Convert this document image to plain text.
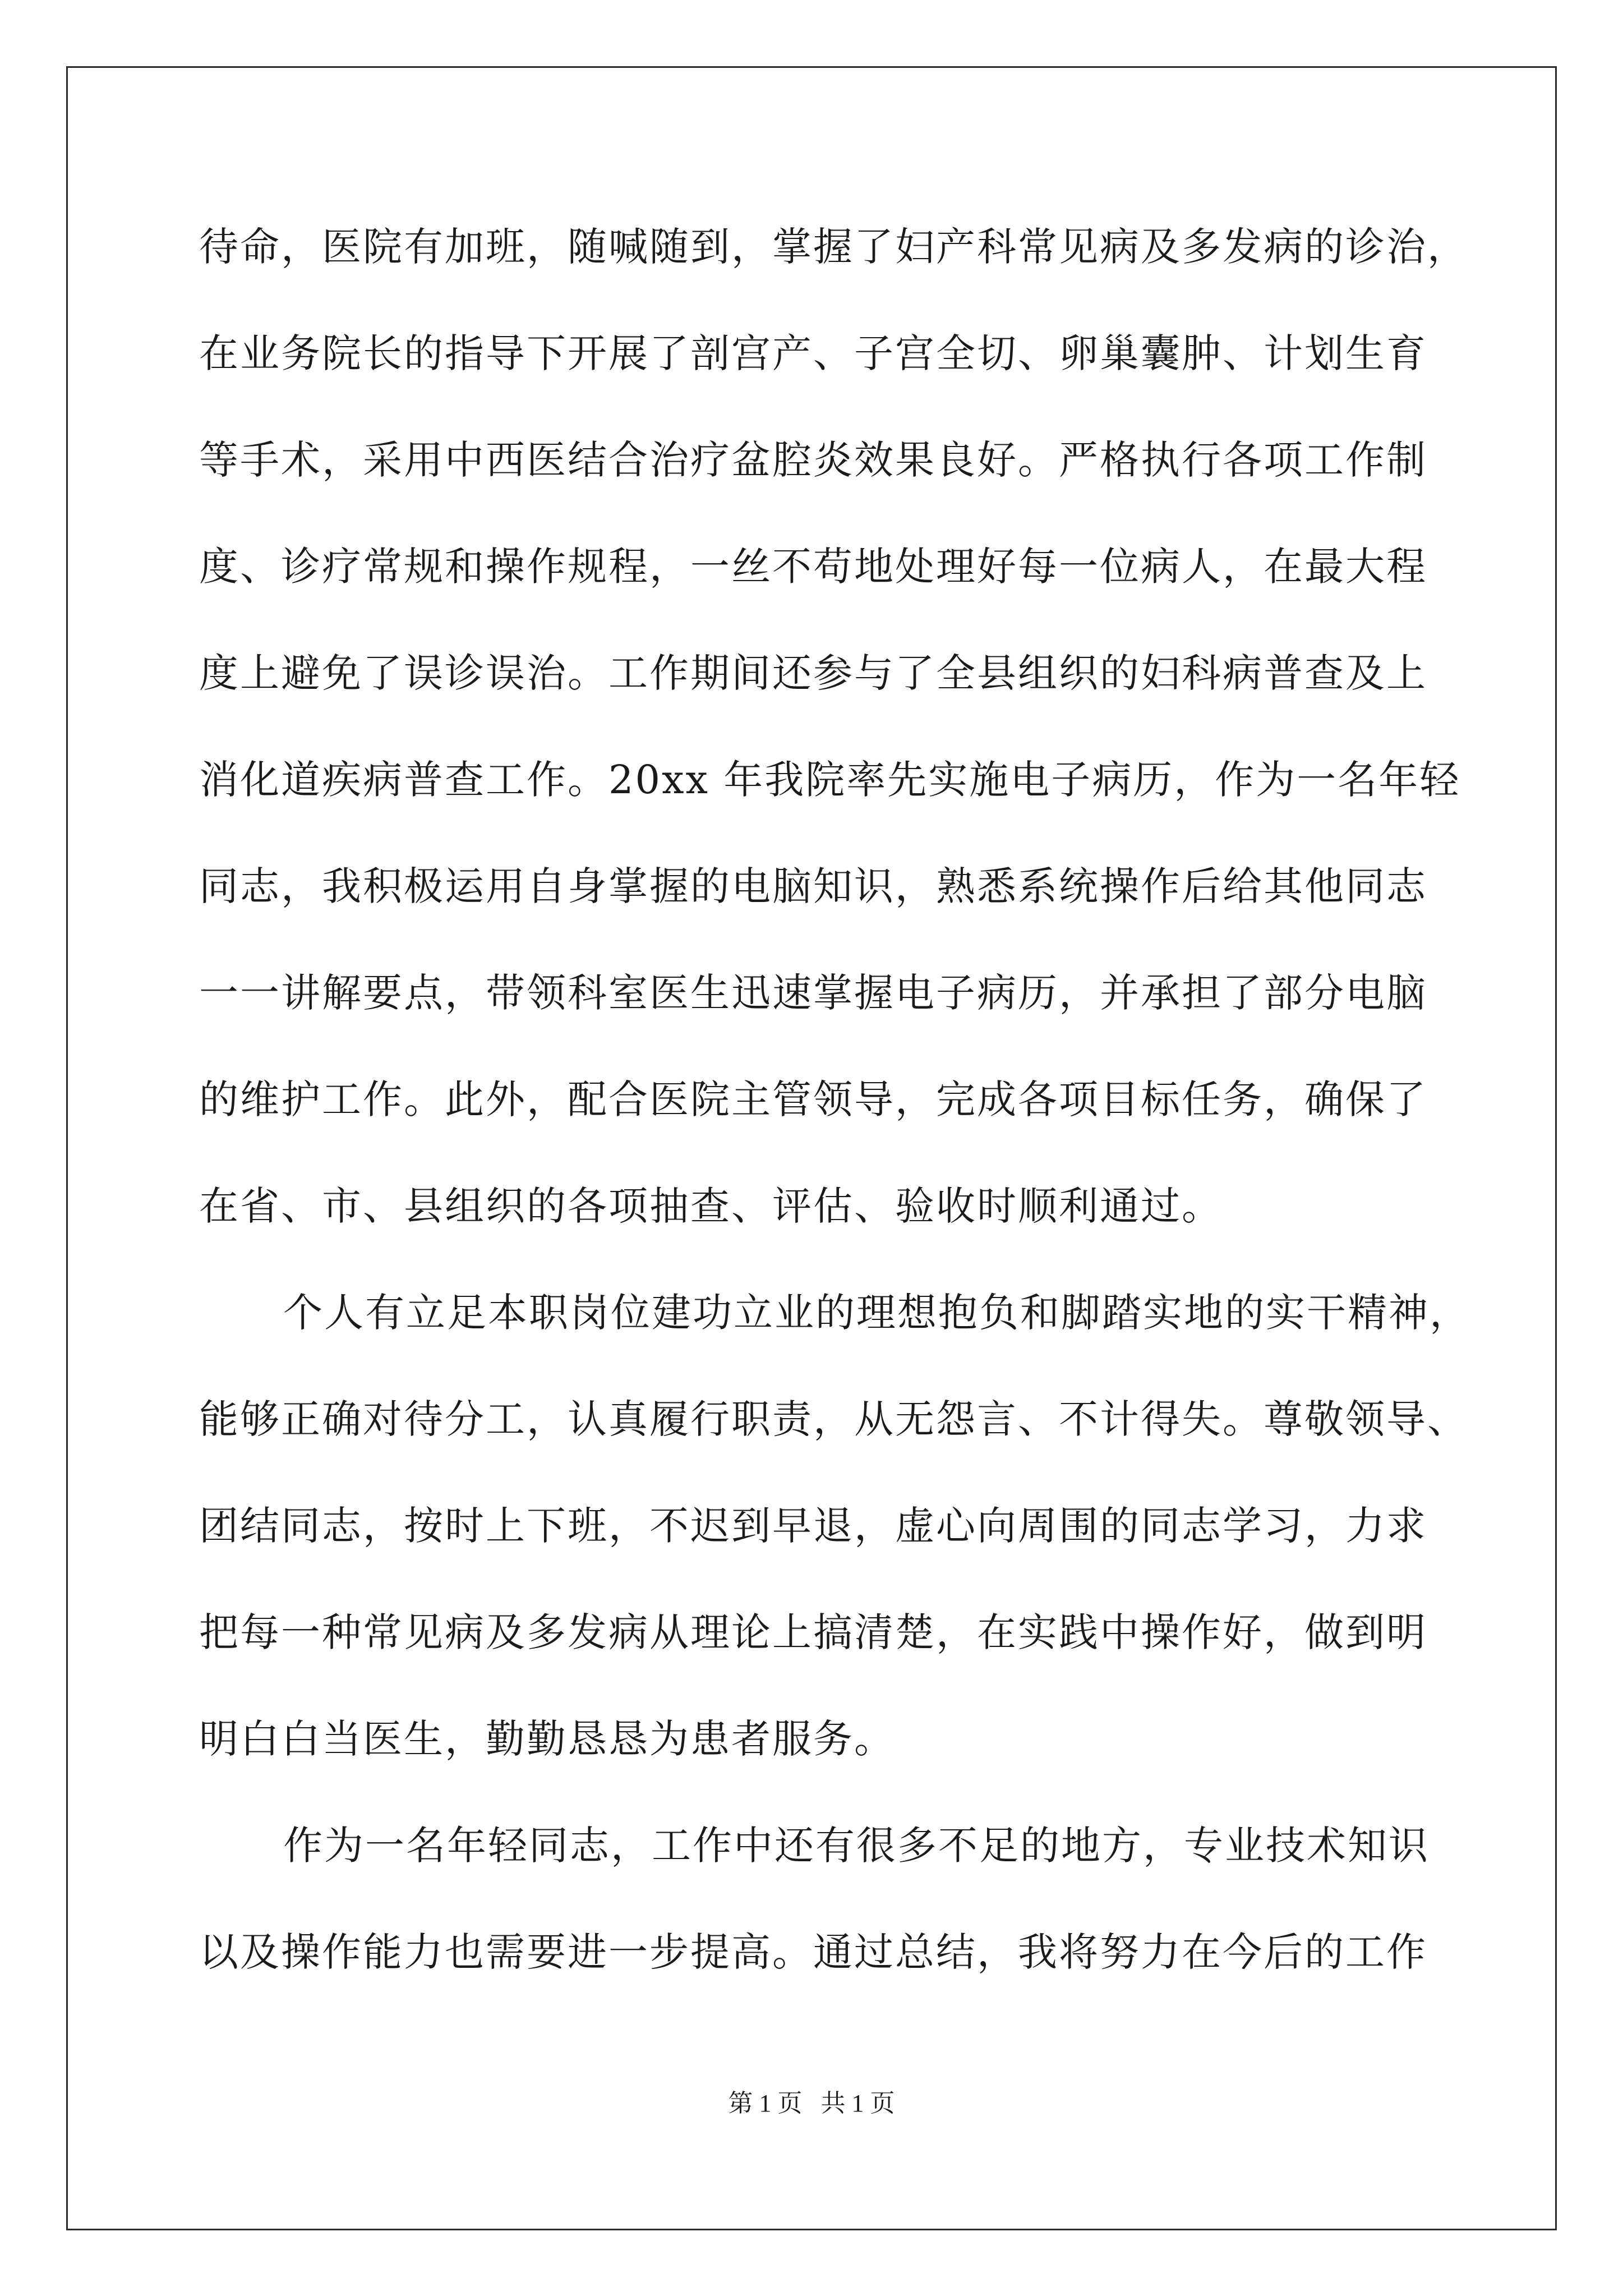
待命，医院有加班，随喊随到，掌握了妇产科常见病及多发病的诊治，
在业务院长的指导下开展了剖宫产、子宫全切、卵巢囊肿、计划生育
等手术，采用中西医结合治疗盆腔炎效果良好。严格执行各项工作制
度、诊疗常规和操作规程，一丝不苟地处理好每一位病人，在最大程
度上避免了误诊误治。工作期间还参与了全县组织的妇科病普查及上
消化道疾病普查工作。20xx 年我院率先实施电子病历，作为一名年轻
同志，我积极运用自身掌握的电脑知识，熟悉系统操作后给其他同志
一一讲解要点，带领科室医生迅速掌握电子病历，并承担了部分电脑
的维护工作。此外，配合医院主管领导，完成各项目标任务，确保了
在省、市、县组织的各项抽查、评估、验收时顺利通过。
个人有立足本职岗位建功立业的理想抱负和脚踏实地的实干精神，
能够正确对待分工，认真履行职责，从无怨言、不计得失。尊敬领导、
团结同志，按时上下班，不迟到早退，虚心向周围的同志学习，力求
把每一种常见病及多发病从理论上搞清楚，在实践中操作好，做到明
明白白当医生，勤勤恳恳为患者服务。
作为一名年轻同志，工作中还有很多不足的地方，专业技术知识
以及操作能力也需要进一步提高。通过总结，我将努力在今后的工作
第 1 页   共 1 页
